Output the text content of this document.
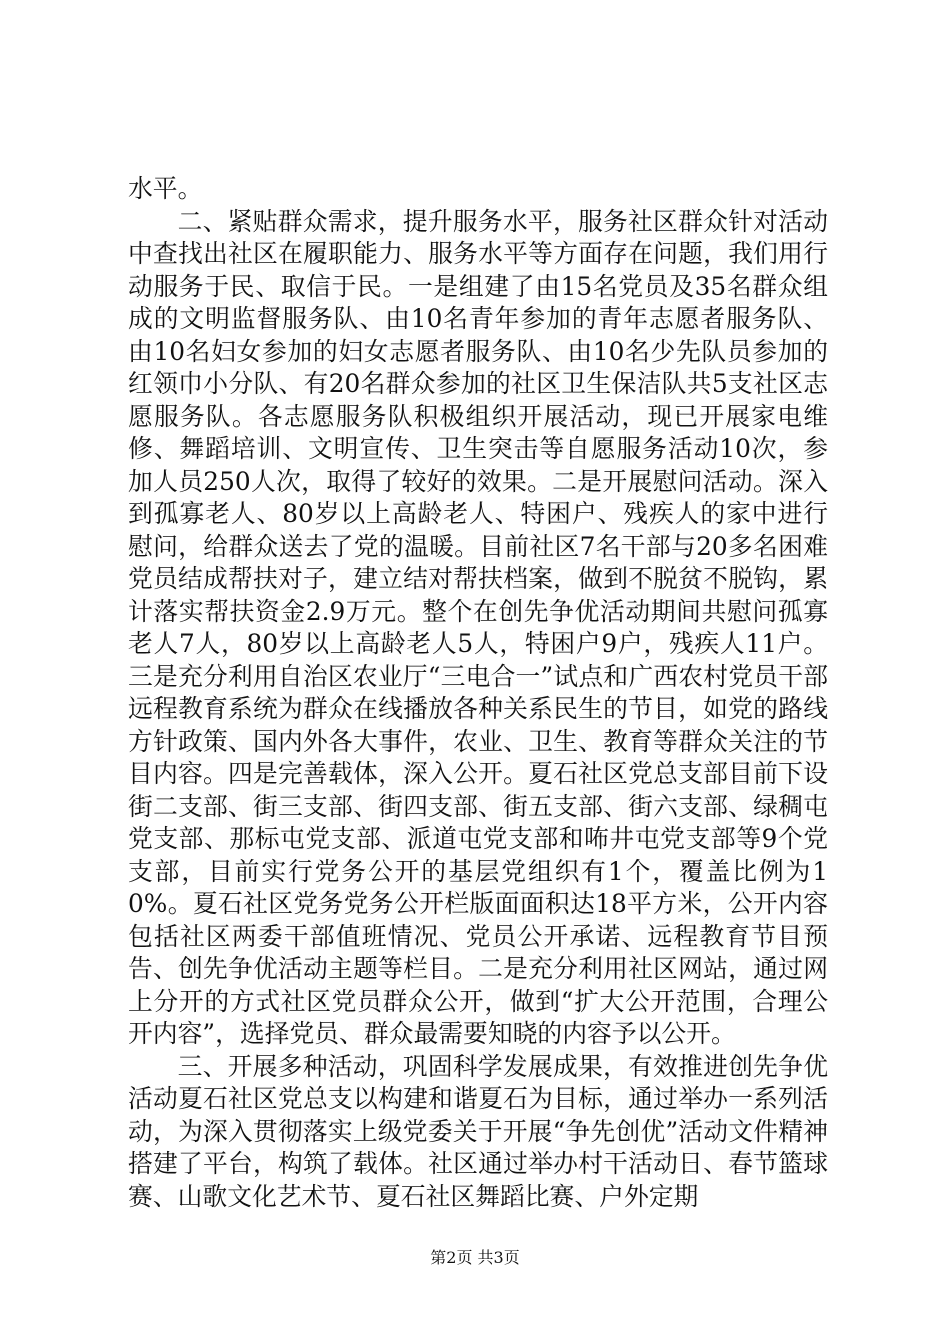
水平。

二、紧贴群众需求，提升服务水平，服务社区群众针对活动中查找出社区在履职能力、服务水平等方面存在问题，我们用行动服务于民、取信于民。一是组建了由15名党员及35名群众组成的文明监督服务队、由10名青年参加的青年志愿者服务队、由10名妇女参加的妇女志愿者服务队、由10名少先队员参加的红领巾小分队、有20名群众参加的社区卫生保洁队共5支社区志愿服务队。各志愿服务队积极组织开展活动，现已开展家电维修、舞蹈培训、文明宣传、卫生突击等自愿服务活动10次，参加人员250人次，取得了较好的效果。二是开展慰问活动。深入到孤寡老人、80岁以上高龄老人、特困户、残疾人的家中进行慰问，给群众送去了党的温暖。目前社区7名干部与20多名困难党员结成帮扶对子，建立结对帮扶档案，做到不脱贫不脱钩，累计落实帮扶资金2.9万元。整个在创先争优活动期间共慰问孤寡老人7人，80岁以上高龄老人5人，特困户9户，残疾人11户。三是充分利用自治区农业厅“三电合一”试点和广西农村党员干部远程教育系统为群众在线播放各种关系民生的节目，如党的路线方针政策、国内外各大事件，农业、卫生、教育等群众关注的节目内容。四是完善载体，深入公开。夏石社区党总支部目前下设街二支部、街三支部、街四支部、街五支部、街六支部、绿稠屯党支部、那标屯党支部、派道屯党支部和咘井屯党支部等9个党支部，目前实行党务公开的基层党组织有1个，覆盖比例为10%。夏石社区党务党务公开栏版面面积达18平方米，公开内容包括社区两委干部值班情况、党员公开承诺、远程教育节目预告、创先争优活动主题等栏目。二是充分利用社区网站，通过网上分开的方式社区党员群众公开，做到“扩大公开范围，合理公开内容”，选择党员、群众最需要知晓的内容予以公开。

三、开展多种活动，巩固科学发展成果，有效推进创先争优活动夏石社区党总支以构建和谐夏石为目标，通过举办一系列活动，为深入贯彻落实上级党委关于开展“争先创优”活动文件精神搭建了平台，构筑了载体。社区通过举办村干活动日、春节篮球赛、山歌文化艺术节、夏石社区舞蹈比赛、户外定期

第2页 共3页
